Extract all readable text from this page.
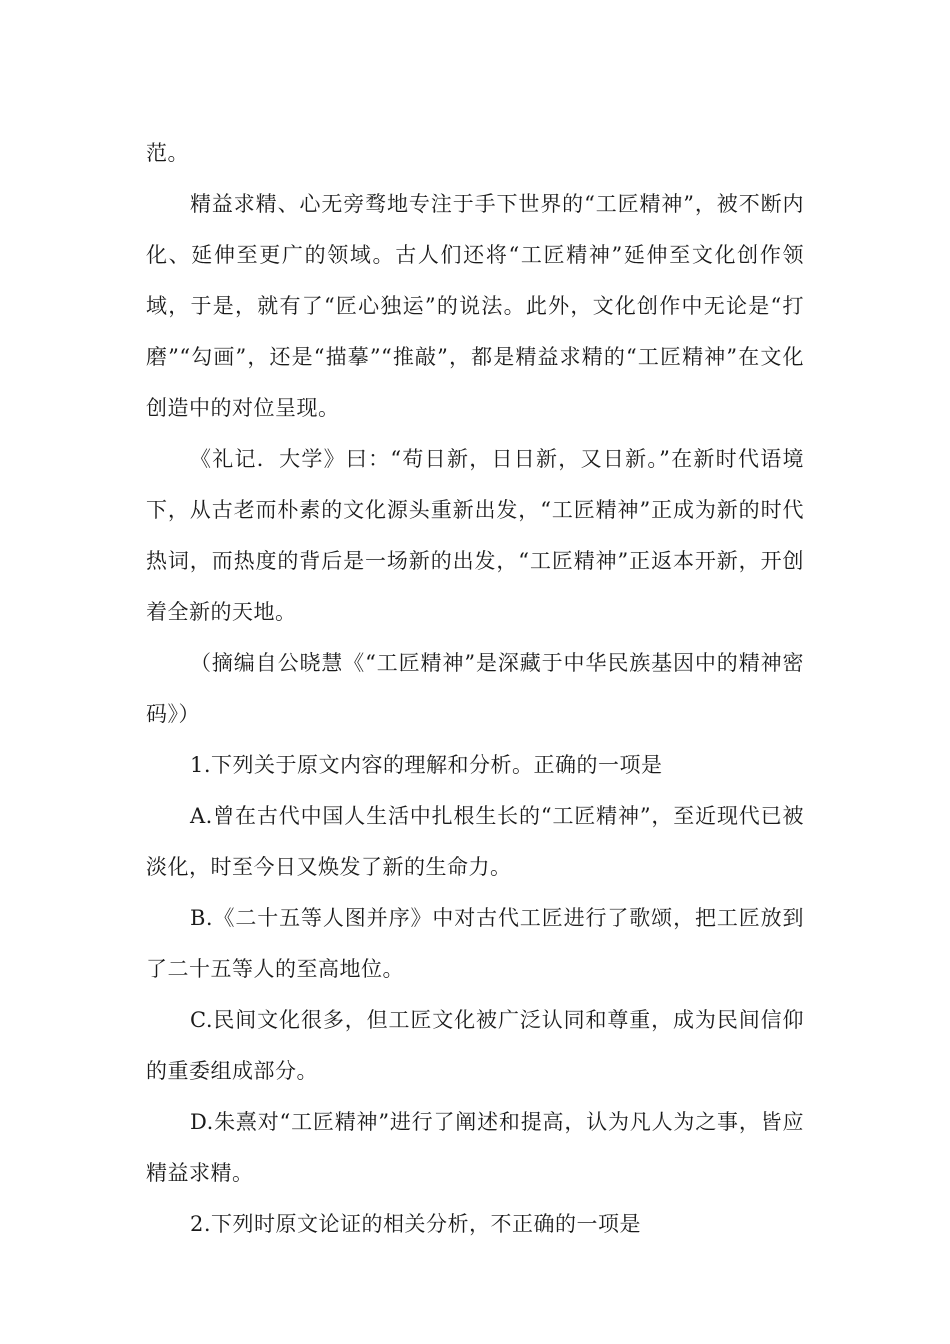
范。

精益求精、心无旁骛地专注于手下世界的“工匠精神”，被不断内化、延伸至更广的领域。古人们还将“工匠精神”延伸至文化创作领域，于是，就有了“匠心独运”的说法。此外，文化创作中无论是“打磨”“勾画”，还是“描摹”“推敲”，都是精益求精的“工匠精神”在文化创造中的对位呈现。

《礼记．大学》曰：“苟日新，日日新，又日新。”在新时代语境下，从古老而朴素的文化源头重新出发，“工匠精神”正成为新的时代热词，而热度的背后是一场新的出发，“工匠精神”正返本开新，开创着全新的天地。

（摘编自公晓慧《“工匠精神”是深藏于中华民族基因中的精神密码》）

1.下列关于原文内容的理解和分析。正确的一项是

A.曾在古代中国人生活中扎根生长的“工匠精神”，至近现代已被淡化，时至今日又焕发了新的生命力。

B.《二十五等人图并序》中对古代工匠进行了歌颂，把工匠放到了二十五等人的至高地位。

C.民间文化很多，但工匠文化被广泛认同和尊重，成为民间信仰的重委组成部分。

D.朱熹对“工匠精神”进行了阐述和提高，认为凡人为之事，皆应精益求精。

2.下列时原文论证的相关分析，不正确的一项是
